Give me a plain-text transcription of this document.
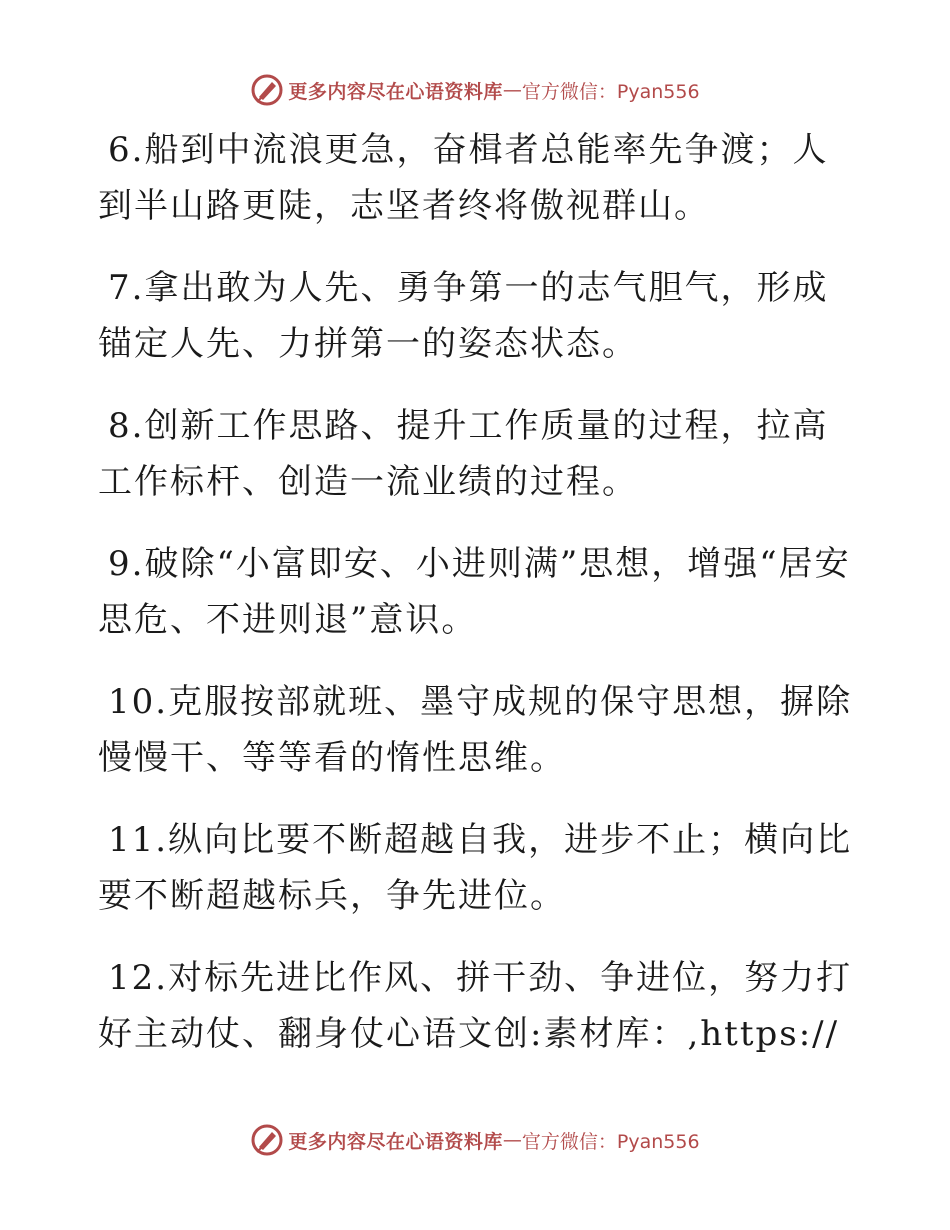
更多内容尽在心语资料库 — 官方微信：Pyan556

6.船到中流浪更急，奋楫者总能率先争渡；人到半山路更陡，志坚者终将傲视群山。

7.拿出敢为人先、勇争第一的志气胆气，形成锚定人先、力拼第一的姿态状态。

8.创新工作思路、提升工作质量的过程，拉高工作标杆、创造一流业绩的过程。

9.破除“小富即安、小进则满”思想，增强“居安思危、不进则退”意识。

10.克服按部就班、墨守成规的保守思想，摒除慢慢干、等等看的惰性思维。

11.纵向比要不断超越自我，进步不止；横向比要不断超越标兵，争先进位。

12.对标先进比作风、拼干劲、争进位，努力打好主动仗、翻身仗心语文创:素材库：,https://

更多内容尽在心语资料库 — 官方微信：Pyan556
